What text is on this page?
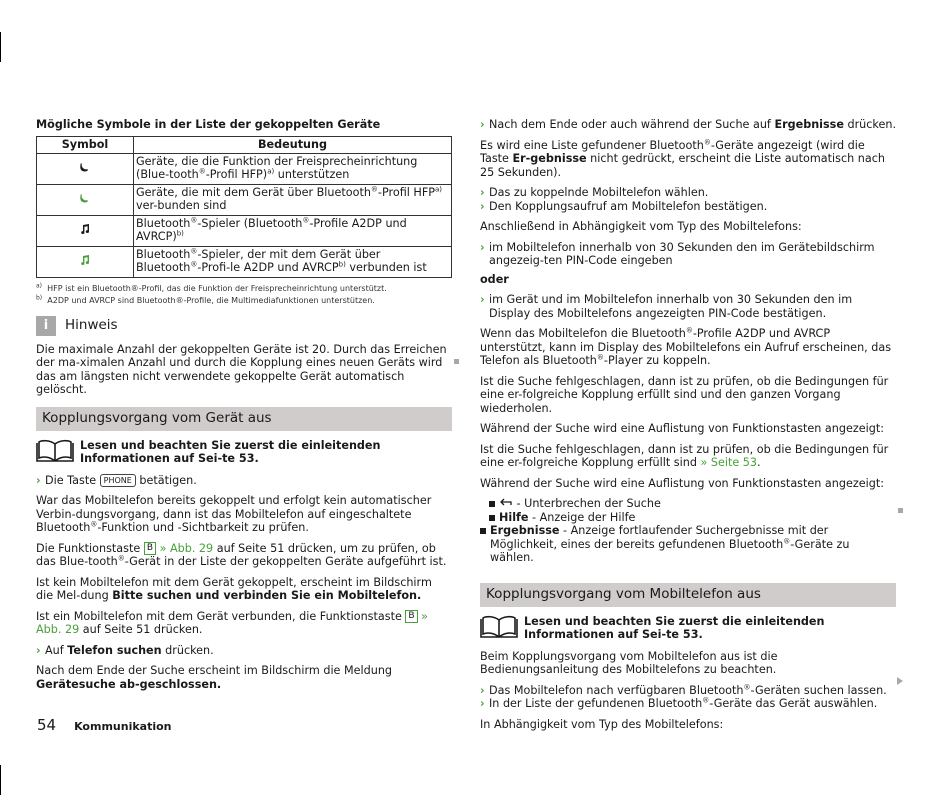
Mögliche Symbole in der Liste der gekoppelten Geräte
Symbol	Bedeutung
	Geräte, die die Funktion der Freisprecheinrichtung (Blue-tooth®-Profil HFP)$^{a)}$ unterstützen
	Geräte, die mit dem Gerät über Bluetooth®-Profil HFP$^{a)}$ ver-bunden sind
	Bluetooth®-Spieler (Bluetooth®-Profile A2DP und AVRCP)$^{b)}$
	Bluetooth®-Spieler, der mit dem Gerät über Bluetooth®-Profi-le A2DP und AVRCP$^{b)}$ verbunden ist

$^{a)}$ HFP ist ein Bluetooth®-Profil, das die Funktion der Freisprecheinrichtung unterstützt.

$^{b)}$ A2DP und AVRCP sind Bluetooth®-Profile, die Multimediafunktionen unterstützen.

i	Hinweis

Die maximale Anzahl der gekoppelten Geräte ist 20. Durch das Erreichen der ma-ximalen Anzahl und durch die Kopplung eines neuen Geräts wird das am längsten nicht verwendete gekoppelte Gerät automatisch gelöscht.

Kopplungsvorgang vom Gerät aus
Lesen und beachten Sie zuerst die einleitenden Informationen auf Sei-te 53.

› Die Taste PHONE betätigen.

War das Mobiltelefon bereits gekoppelt und erfolgt kein automatischer Verbin-dungsvorgang, dann ist das Mobiltelefon auf eingeschaltete Bluetooth®-Funktion und -Sichtbarkeit zu prüfen.

Die Funktionstaste B » Abb. 29 auf Seite 51 drücken, um zu prüfen, ob das Blue-tooth®-Gerät in der Liste der gekoppelten Geräte aufgeführt ist.

Ist kein Mobiltelefon mit dem Gerät gekoppelt, erscheint im Bildschirm die Mel-dung Bitte suchen und verbinden Sie ein Mobiltelefon.

Ist ein Mobiltelefon mit dem Gerät verbunden, die Funktionstaste B » Abb. 29 auf Seite 51 drücken.

› Auf Telefon suchen drücken.

Nach dem Ende der Suche erscheint im Bildschirm die Meldung Gerätesuche ab-geschlossen.

› Nach dem Ende oder auch während der Suche auf Ergebnisse drücken.

Es wird eine Liste gefundener Bluetooth®-Geräte angezeigt (wird die Taste Er-gebnisse nicht gedrückt, erscheint die Liste automatisch nach 25 Sekunden).

› Das zu koppelnde Mobiltelefon wählen.

› Den Kopplungsaufruf am Mobiltelefon bestätigen.

Anschließend in Abhängigkeit vom Typ des Mobiltelefons:

› im Mobiltelefon innerhalb von 30 Sekunden den im Gerätebildschirm angezeig-ten PIN-Code eingeben

oder

› im Gerät und im Mobiltelefon innerhalb von 30 Sekunden den im Display des Mobiltelefons angezeigten PIN-Code bestätigen.

Wenn das Mobiltelefon die Bluetooth®-Profile A2DP und AVRCP unterstützt, kann im Display des Mobiltelefons ein Aufruf erscheinen, das Telefon als Bluetooth®-Player zu koppeln.

Ist die Suche fehlgeschlagen, dann ist zu prüfen, ob die Bedingungen für eine er-folgreiche Kopplung erfüllt sind und den ganzen Vorgang wiederholen.

Während der Suche wird eine Auflistung von Funktionstasten angezeigt:

Ist die Suche fehlgeschlagen, dann ist zu prüfen, ob die Bedingungen für eine er-folgreiche Kopplung erfüllt sind » Seite 53.

Während der Suche wird eine Auflistung von Funktionstasten angezeigt:

- Unterbrechen der Suche

Hilfe - Anzeige der Hilfe

Ergebnisse - Anzeige fortlaufender Suchergebnisse mit der Möglichkeit, eines der bereits gefundenen Bluetooth®-Geräte zu wählen.

Kopplungsvorgang vom Mobiltelefon aus
Lesen und beachten Sie zuerst die einleitenden Informationen auf Sei-te 53.

Beim Kopplungsvorgang vom Mobiltelefon aus ist die Bedienungsanleitung des Mobiltelefons zu beachten.

› Das Mobiltelefon nach verfügbaren Bluetooth®-Geräten suchen lassen.

› In der Liste der gefundenen Bluetooth®-Geräte das Gerät auswählen.

In Abhängigkeit vom Typ des Mobiltelefons:

54 Kommunikation
